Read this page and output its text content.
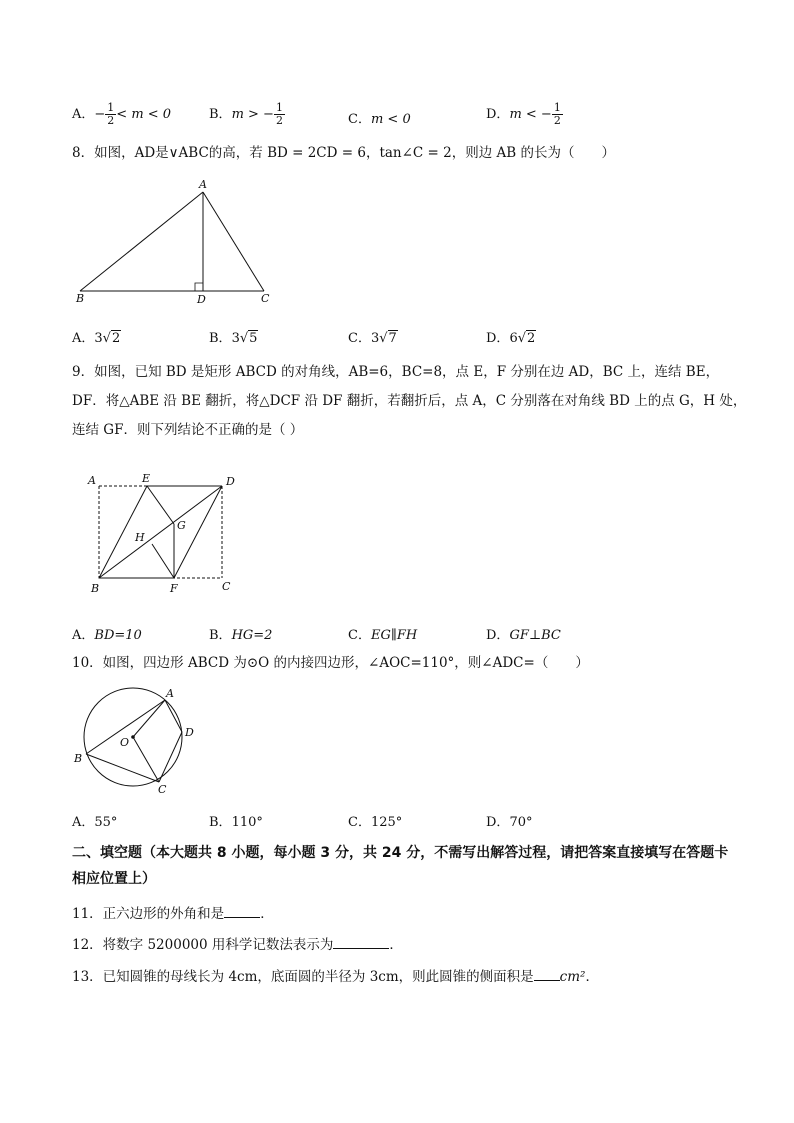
A．− $\frac{1}{2} < m < 0$	B．m > − $\frac{1}{2}$	C．m < 0	D．m < − $\frac{1}{2}$
8．如图，AD是∨ABC的高，若 BD = 2CD = 6，tan∠C = 2，则边 AB 的长为（　　）
A
B	D	C
A．3√2	B．3√5	C．3√7	D．6√2
9．如图，已知 BD 是矩形 ABCD 的对角线，AB=6，BC=8，点 E，F 分别在边 AD，BC 上，连结 BE，
DF．将△ABE 沿 BE 翻折，将△DCF 沿 DF 翻折，若翻折后，点 A，C 分别落在对角线 BD 上的点 G，H 处，
连结 GF．则下列结论不正确的是（ ）
A	E	D
G
H
B	F	C
A．BD=10	B．HG=2	C．EG∥FH	D．GF⊥BC
10．如图，四边形 ABCD 为⊙O 的内接四边形，∠AOC=110°，则∠ADC=（　　）
A
O
D
B
C
A．55°	B．110°	C．125°	D．70°
二、填空题（本大题共 8 小题，每小题 3 分，共 24 分，不需写出解答过程，请把答案直接填写在答题卡相应位置上）
11．正六边形的外角和是	．
12．将数字 5200000 用科学记数法表示为	．
13．已知圆锥的母线长为 4cm，底面圆的半径为 3cm，则此圆锥的侧面积是 cm²．
